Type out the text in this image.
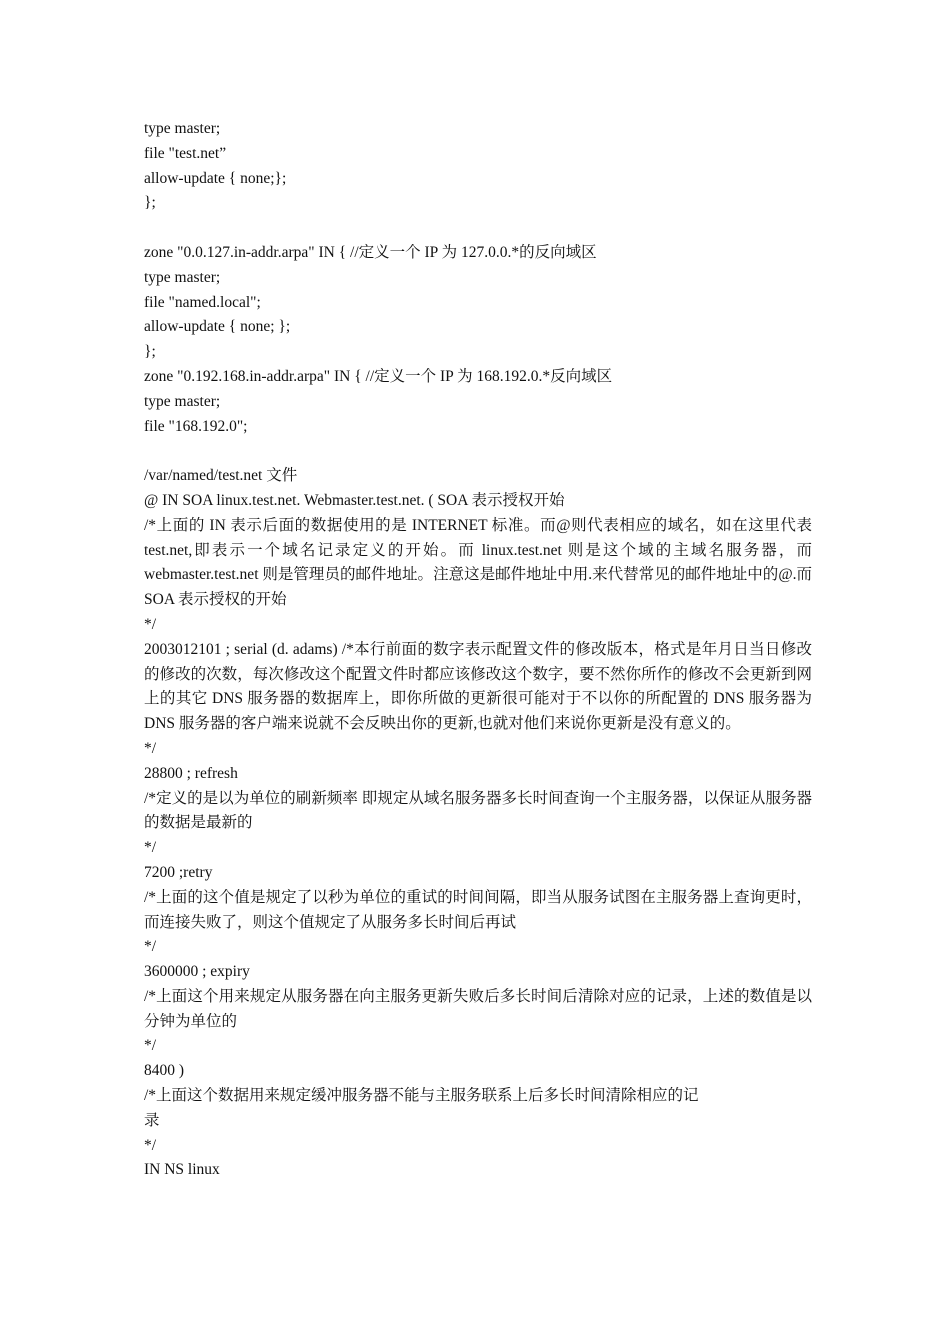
type master;
file "test.net”
allow-update { none;};
};
zone "0.0.127.in-addr.arpa" IN { //定义一个 IP 为 127.0.0.*的反向域区
type master;
file "named.local";
allow-update { none; };
};
zone "0.192.168.in-addr.arpa" IN { //定义一个 IP 为 168.192.0.*反向域区
type master;
file "168.192.0";
/var/named/test.net 文件
@ IN SOA linux.test.net. Webmaster.test.net. ( SOA 表示授权开始
/*上面的 IN 表示后面的数据使用的是 INTERNET 标准。而@则代表相应的域名，如在这里代表 test.net,即表示一个域名记录定义的开始。而 linux.test.net 则是这个域的主域名服务器，而 webmaster.test.net 则是管理员的邮件地址。注意这是邮件地址中用.来代替常见的邮件地址中的@.而 SOA 表示授权的开始
*/
2003012101 ; serial (d. adams) /*本行前面的数字表示配置文件的修改版本，格式是年月日当日修改的修改的次数，每次修改这个配置文件时都应该修改这个数字，要不然你所作的修改不会更新到网上的其它 DNS 服务器的数据库上，即你所做的更新很可能对于不以你的所配置的 DNS 服务器为 DNS 服务器的客户端来说就不会反映出你的更新,也就对他们来说你更新是没有意义的。
*/
28800 ; refresh
/*定义的是以为单位的刷新频率 即规定从域名服务器多长时间查询一个主服务器，以保证从服务器的数据是最新的
*/
7200 ;retry
/*上面的这个值是规定了以秒为单位的重试的时间间隔，即当从服务试图在主服务器上查询更时，而连接失败了，则这个值规定了从服务多长时间后再试
*/
3600000 ; expiry
/*上面这个用来规定从服务器在向主服务更新失败后多长时间后清除对应的记录，上述的数值是以分钟为单位的
*/
8400 )
/*上面这个数据用来规定缓冲服务器不能与主服务联系上后多长时间清除相应的记
录
*/
IN NS linux
